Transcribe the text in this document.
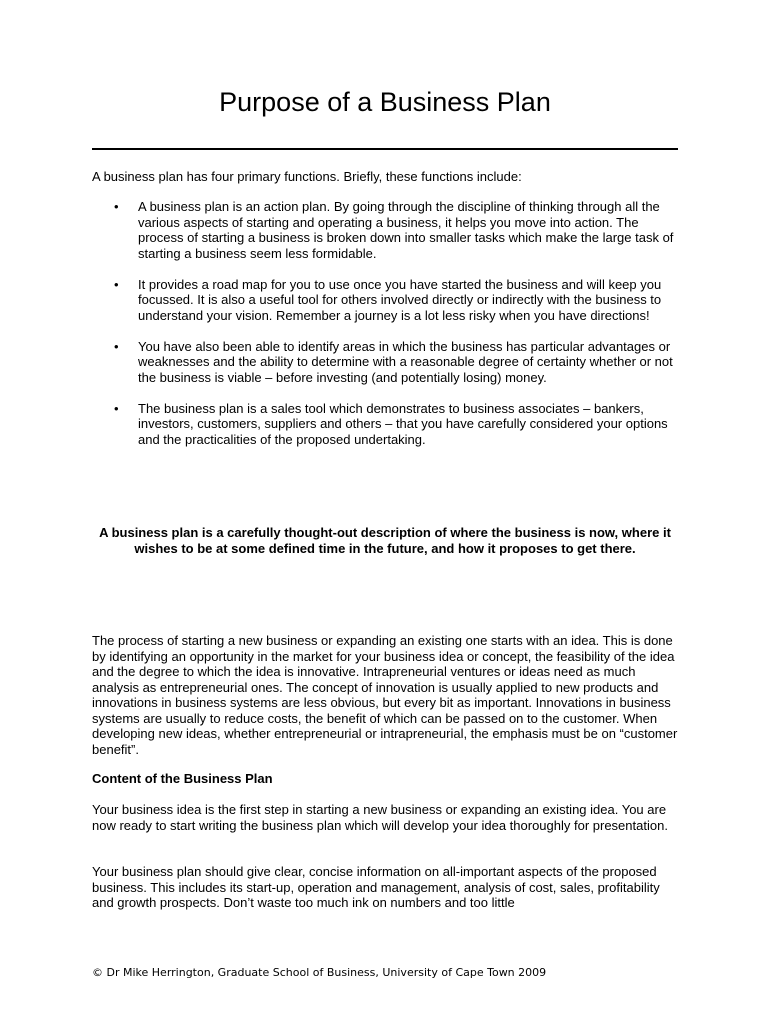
Purpose of a Business Plan

A business plan has four primary functions. Briefly, these functions include:

• A business plan is an action plan. By going through the discipline of thinking through all the various aspects of starting and operating a business, it helps you move into action. The process of starting a business is broken down into smaller tasks which make the large task of starting a business seem less formidable.
• It provides a road map for you to use once you have started the business and will keep you focussed. It is also a useful tool for others involved directly or indirectly with the business to understand your vision. Remember a journey is a lot less risky when you have directions!
• You have also been able to identify areas in which the business has particular advantages or weaknesses and the ability to determine with a reasonable degree of certainty whether or not the business is viable – before investing (and potentially losing) money.
• The business plan is a sales tool which demonstrates to business associates – bankers, investors, customers, suppliers and others – that you have carefully considered your options and the practicalities of the proposed undertaking.

A business plan is a carefully thought-out description of where the business is now, where it wishes to be at some defined time in the future, and how it proposes to get there.

The process of starting a new business or expanding an existing one starts with an idea. This is done by identifying an opportunity in the market for your business idea or concept, the feasibility of the idea and the degree to which the idea is innovative. Intrapreneurial ventures or ideas need as much analysis as entrepreneurial ones. The concept of innovation is usually applied to new products and innovations in business systems are less obvious, but every bit as important. Innovations in business systems are usually to reduce costs, the benefit of which can be passed on to the customer. When developing new ideas, whether entrepreneurial or intrapreneurial, the emphasis must be on “customer benefit”.

Content of the Business Plan

Your business idea is the first step in starting a new business or expanding an existing idea. You are now ready to start writing the business plan which will develop your idea thoroughly for presentation.

Your business plan should give clear, concise information on all-important aspects of the proposed business. This includes its start-up, operation and management, analysis of cost, sales, profitability and growth prospects. Don’t waste too much ink on numbers and too little

© Dr Mike Herrington, Graduate School of Business, University of Cape Town 2009
